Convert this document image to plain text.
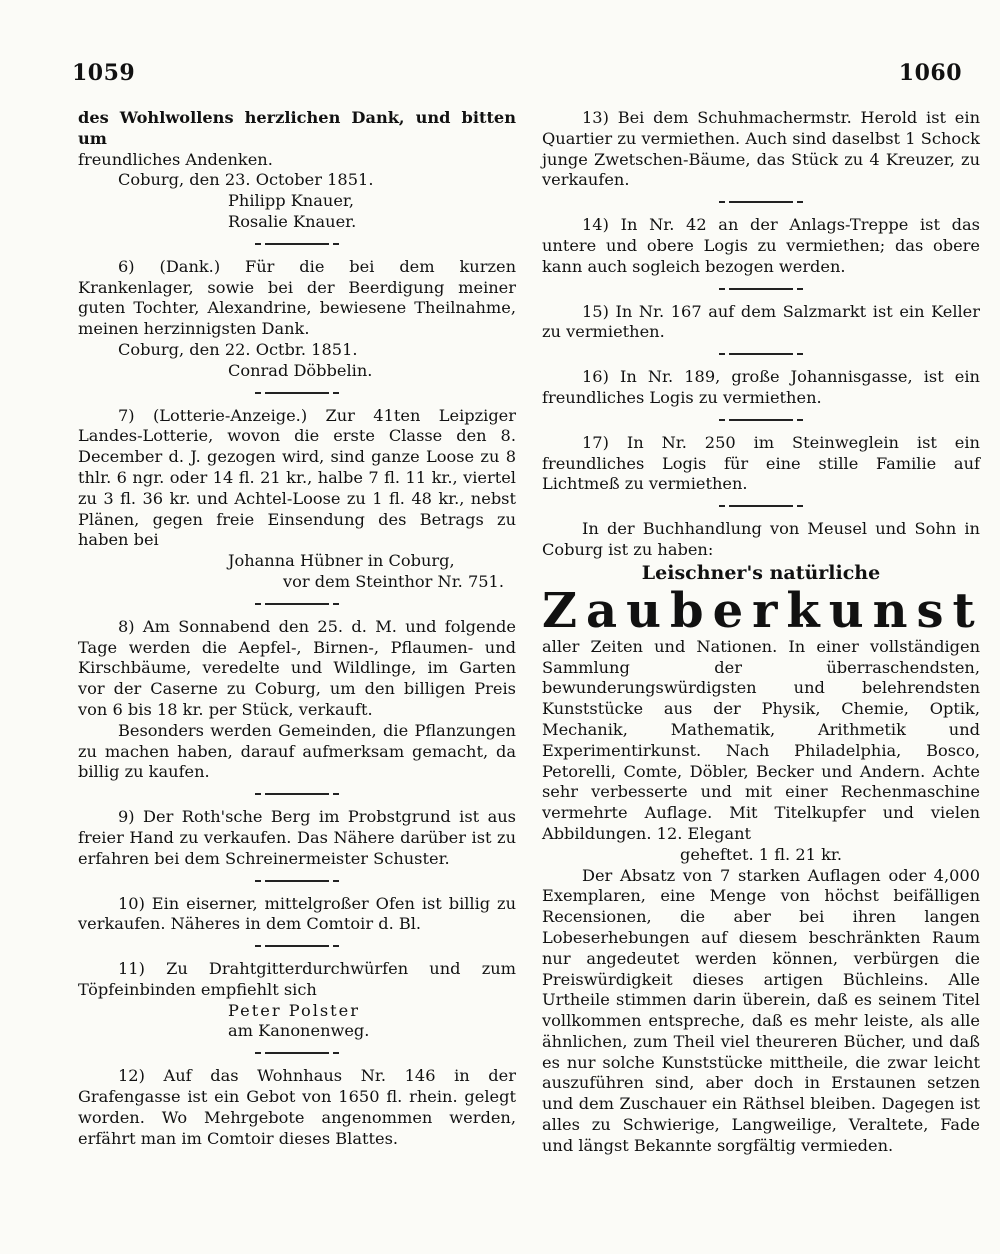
1059	1060

des Wohlwollens herzlichen Dank, und bitten um

freundliches Andenken.

Coburg, den 23. October 1851.

Philipp Knauer,

Rosalie Knauer.

6) (Dank.) Für die bei dem kurzen Krankenlager, sowie bei der Beerdigung meiner guten Tochter, Alexandrine, bewiesene Theilnahme, meinen herzinnigsten Dank.

Coburg, den 22. Octbr. 1851.

Conrad Döbbelin.

7) (Lotterie-Anzeige.) Zur 41ten Leipziger Landes-Lotterie, wovon die erste Classe den 8. December d. J. gezogen wird, sind ganze Loose zu 8 thlr. 6 ngr. oder 14 fl. 21 kr., halbe 7 fl. 11 kr., viertel zu 3 fl. 36 kr. und Achtel-Loose zu 1 fl. 48 kr., nebst Plänen, gegen freie Einsendung des Betrags zu haben bei

Johanna Hübner in Coburg,

vor dem Steinthor Nr. 751.

8) Am Sonnabend den 25. d. M. und folgende Tage werden die Aepfel-, Birnen-, Pflaumen- und Kirschbäume, veredelte und Wildlinge, im Garten vor der Caserne zu Coburg, um den billigen Preis von 6 bis 18 kr. per Stück, verkauft.

Besonders werden Gemeinden, die Pflanzungen zu machen haben, darauf aufmerksam gemacht, da billig zu kaufen.

9) Der Roth'sche Berg im Probstgrund ist aus freier Hand zu verkaufen. Das Nähere darüber ist zu erfahren bei dem Schreinermeister Schuster.

10) Ein eiserner, mittelgroßer Ofen ist billig zu verkaufen. Näheres in dem Comtoir d. Bl.

11) Zu Drahtgitterdurchwürfen und zum Töpfeinbinden empfiehlt sich

Peter Polster

am Kanonenweg.

12) Auf das Wohnhaus Nr. 146 in der Grafengasse ist ein Gebot von 1650 fl. rhein. gelegt worden. Wo Mehrgebote angenommen werden, erfährt man im Comtoir dieses Blattes.

13) Bei dem Schuhmachermstr. Herold ist ein Quartier zu vermiethen. Auch sind daselbst 1 Schock junge Zwetschen-Bäume, das Stück zu 4 Kreuzer, zu verkaufen.

14) In Nr. 42 an der Anlags-Treppe ist das untere und obere Logis zu vermiethen; das obere kann auch sogleich bezogen werden.

15) In Nr. 167 auf dem Salzmarkt ist ein Keller zu vermiethen.

16) In Nr. 189, große Johannisgasse, ist ein freundliches Logis zu vermiethen.

17) In Nr. 250 im Steinweglein ist ein freundliches Logis für eine stille Familie auf Lichtmeß zu vermiethen.

In der Buchhandlung von Meusel und Sohn in Coburg ist zu haben:

Leischner's natürliche

Zauberkunst

aller Zeiten und Nationen. In einer vollständigen Sammlung der überraschendsten, bewunderungswürdigsten und belehrendsten Kunststücke aus der Physik, Chemie, Optik, Mechanik, Mathematik, Arithmetik und Experimentirkunst. Nach Philadelphia, Bosco, Petorelli, Comte, Döbler, Becker und Andern. Achte sehr verbesserte und mit einer Rechenmaschine vermehrte Auflage. Mit Titelkupfer und vielen Abbildungen. 12. Elegant

geheftet. 1 fl. 21 kr.

Der Absatz von 7 starken Auflagen oder 4,000 Exemplaren, eine Menge von höchst beifälligen Recensionen, die aber bei ihren langen Lobeserhebungen auf diesem beschränkten Raum nur angedeutet werden können, verbürgen die Preiswürdigkeit dieses artigen Büchleins. Alle Urtheile stimmen darin überein, daß es seinem Titel vollkommen entspreche, daß es mehr leiste, als alle ähnlichen, zum Theil viel theureren Bücher, und daß es nur solche Kunststücke mittheile, die zwar leicht auszuführen sind, aber doch in Erstaunen setzen und dem Zuschauer ein Räthsel bleiben. Dagegen ist alles zu Schwierige, Langweilige, Veraltete, Fade und längst Bekannte sorgfältig vermieden.
